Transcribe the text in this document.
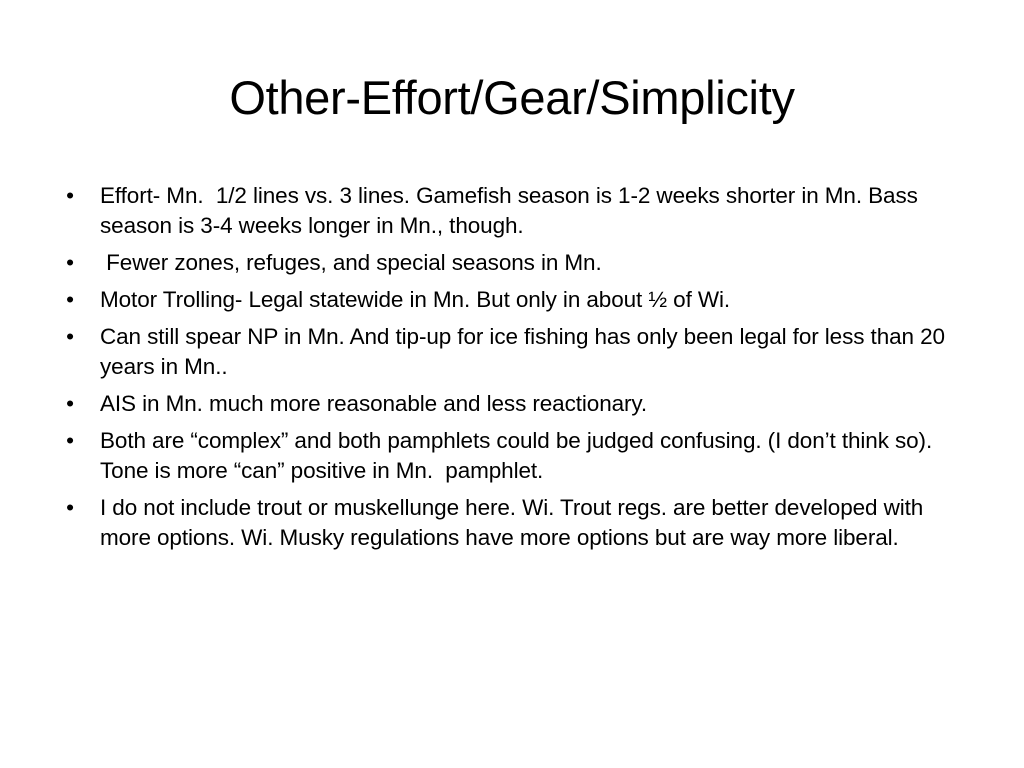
Other-Effort/Gear/Simplicity
• Effort- Mn.  1/2 lines vs. 3 lines. Gamefish season is 1-2 weeks shorter in Mn. Bass season is 3-4 weeks longer in Mn., though.
• Fewer zones, refuges, and special seasons in Mn.
• Motor Trolling- Legal statewide in Mn. But only in about ½ of Wi.
• Can still spear NP in Mn. And tip-up for ice fishing has only been legal for less than 20 years in Mn..
• AIS in Mn. much more reasonable and less reactionary.
• Both are “complex” and both pamphlets could be judged confusing. (I don’t think so). Tone is more “can” positive in Mn.  pamphlet.
• I do not include trout or muskellunge here. Wi. Trout regs. are better developed with more options. Wi. Musky regulations have more options but are way more liberal.
